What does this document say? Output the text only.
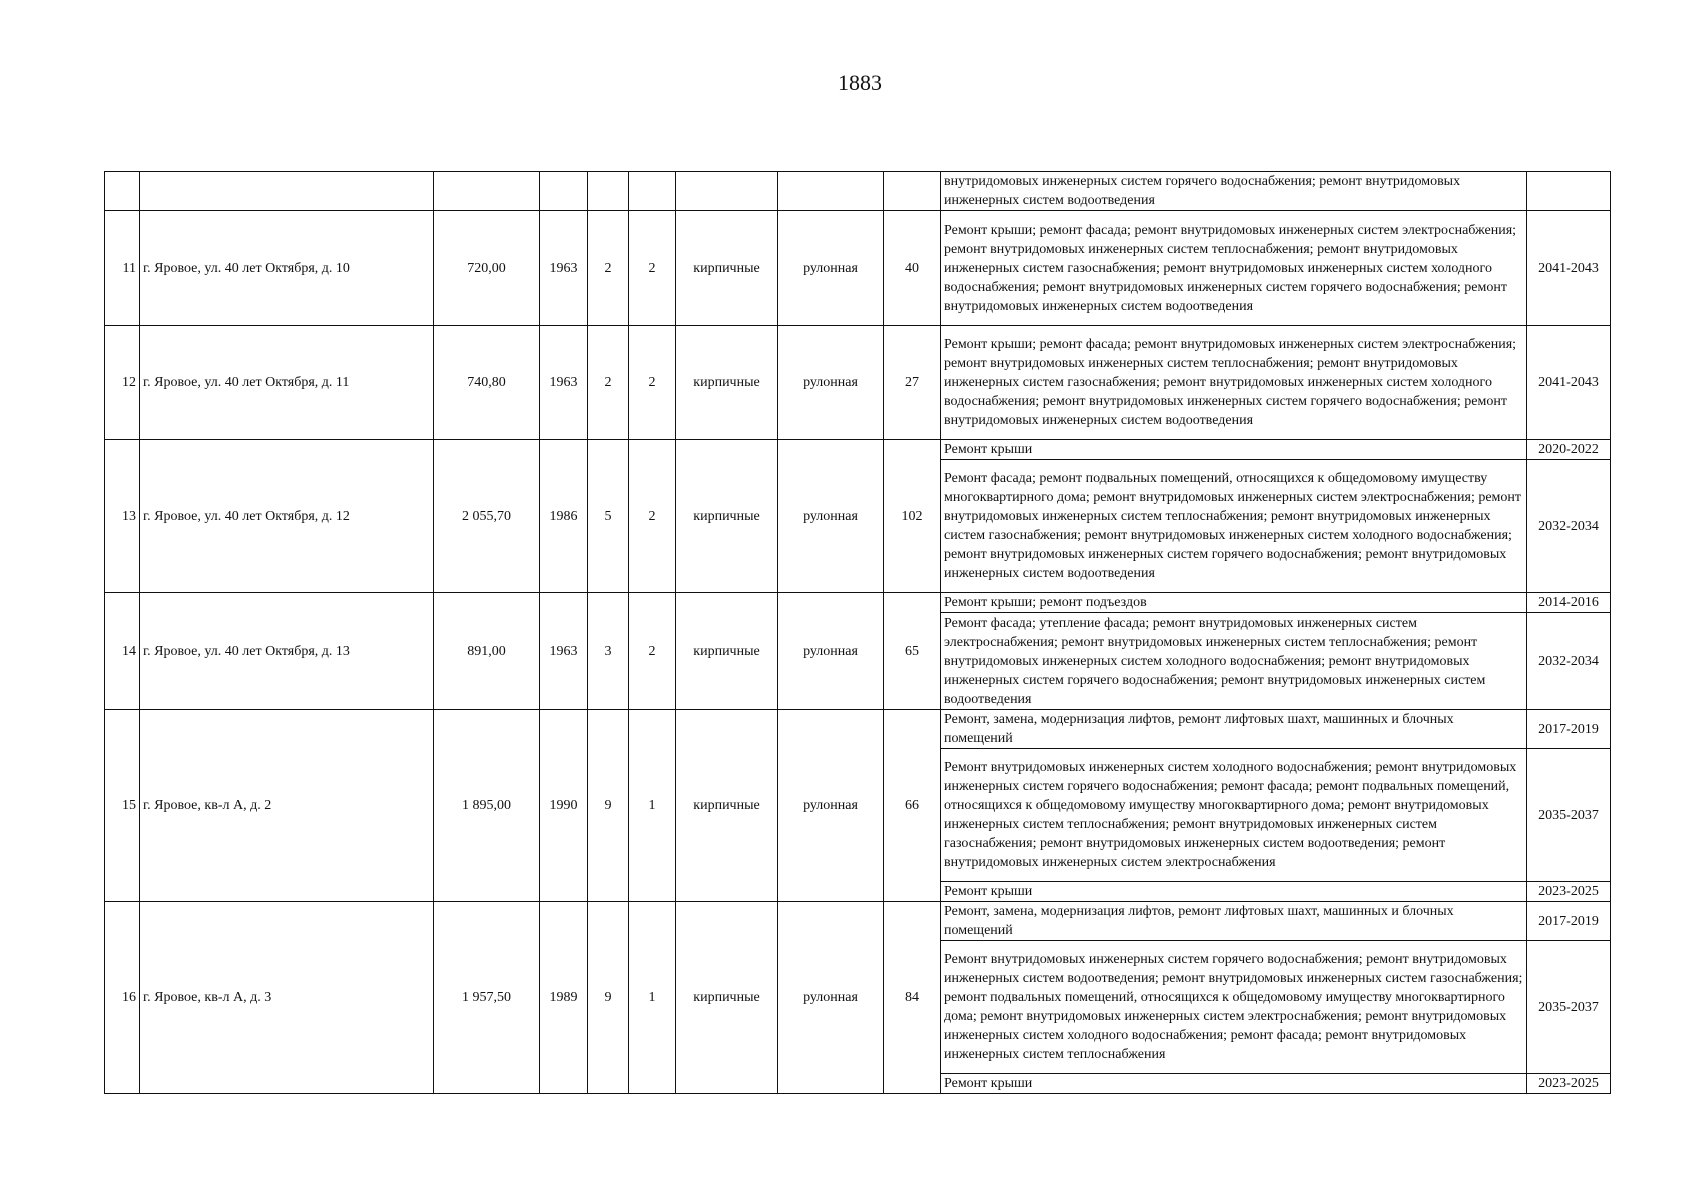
1883
									внутридомовых инженерных систем горячего водоснабжения; ремонт внутридомовых инженерных систем водоотведения	
11	г. Яровое, ул. 40 лет Октября, д. 10	720,00	1963	2	2	кирпичные	рулонная	40	Ремонт крыши; ремонт фасада; ремонт внутридомовых инженерных систем электроснабжения; ремонт внутридомовых инженерных систем теплоснабжения; ремонт внутридомовых инженерных систем газоснабжения; ремонт внутридомовых инженерных систем холодного водоснабжения; ремонт внутридомовых инженерных систем горячего водоснабжения; ремонт внутридомовых инженерных систем водоотведения	2041-2043
12	г. Яровое, ул. 40 лет Октября, д. 11	740,80	1963	2	2	кирпичные	рулонная	27	Ремонт крыши; ремонт фасада; ремонт внутридомовых инженерных систем электроснабжения; ремонт внутридомовых инженерных систем теплоснабжения; ремонт внутридомовых инженерных систем газоснабжения; ремонт внутридомовых инженерных систем холодного водоснабжения; ремонт внутридомовых инженерных систем горячего водоснабжения; ремонт внутридомовых инженерных систем водоотведения	2041-2043
13	г. Яровое, ул. 40 лет Октября, д. 12	2 055,70	1986	5	2	кирпичные	рулонная	102	Ремонт крыши	2020-2022
									Ремонт фасада; ремонт подвальных помещений, относящихся к общедомовому имуществу многоквартирного дома; ремонт внутридомовых инженерных систем электроснабжения; ремонт внутридомовых инженерных систем теплоснабжения; ремонт внутридомовых инженерных систем газоснабжения; ремонт внутридомовых инженерных систем холодного водоснабжения; ремонт внутридомовых инженерных систем горячего водоснабжения; ремонт внутридомовых инженерных систем водоотведения	2032-2034
14	г. Яровое, ул. 40 лет Октября, д. 13	891,00	1963	3	2	кирпичные	рулонная	65	Ремонт крыши; ремонт подъездов	2014-2016
									Ремонт фасада; утепление фасада; ремонт внутридомовых инженерных систем электроснабжения; ремонт внутридомовых инженерных систем теплоснабжения; ремонт внутридомовых инженерных систем холодного водоснабжения; ремонт внутридомовых инженерных систем горячего водоснабжения; ремонт внутридомовых инженерных систем водоотведения	2032-2034
15	г. Яровое, кв-л А, д. 2	1 895,00	1990	9	1	кирпичные	рулонная	66	Ремонт, замена, модернизация лифтов, ремонт лифтовых шахт, машинных и блочных помещений	2017-2019
									Ремонт внутридомовых инженерных систем холодного водоснабжения; ремонт внутридомовых инженерных систем горячего водоснабжения; ремонт фасада; ремонт подвальных помещений, относящихся к общедомовому имуществу многоквартирного дома; ремонт внутридомовых инженерных систем теплоснабжения; ремонт внутридомовых инженерных систем газоснабжения; ремонт внутридомовых инженерных систем водоотведения; ремонт внутридомовых инженерных систем электроснабжения	2035-2037
									Ремонт крыши	2023-2025
16	г. Яровое, кв-л А, д. 3	1 957,50	1989	9	1	кирпичные	рулонная	84	Ремонт, замена, модернизация лифтов, ремонт лифтовых шахт, машинных и блочных помещений	2017-2019
									Ремонт внутридомовых инженерных систем горячего водоснабжения; ремонт внутридомовых инженерных систем водоотведения; ремонт внутридомовых инженерных систем газоснабжения; ремонт подвальных помещений, относящихся к общедомовому имуществу многоквартирного дома; ремонт внутридомовых инженерных систем электроснабжения; ремонт внутридомовых инженерных систем холодного водоснабжения; ремонт фасада; ремонт внутридомовых инженерных систем теплоснабжения	2035-2037
									Ремонт крыши	2023-2025
